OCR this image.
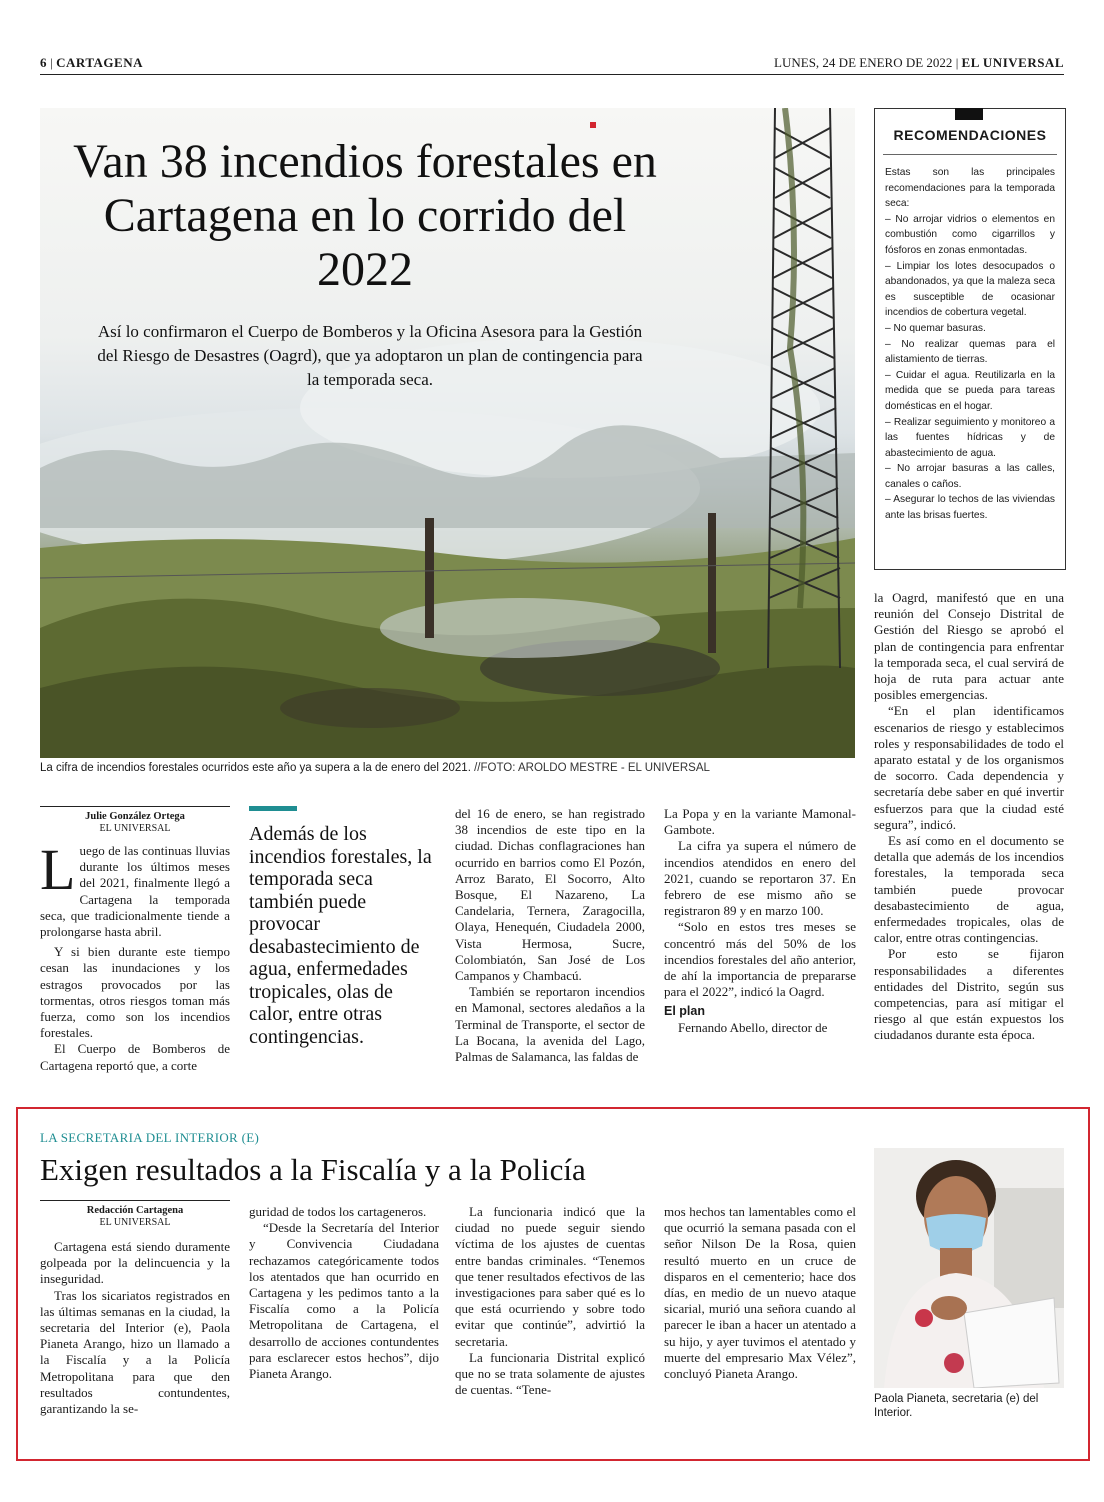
6 | CARTAGENA	LUNES, 24 DE ENERO DE 2022 | EL UNIVERSAL
Van 38 incendios forestales en Cartagena en lo corrido del 2022
Así lo confirmaron el Cuerpo de Bomberos y la Oficina Asesora para la Gestión del Riesgo de Desastres (Oagrd), que ya adoptaron un plan de contingencia para la temporada seca.
La cifra de incendios forestales ocurridos este año ya supera a la de enero del 2021. //FOTO: AROLDO MESTRE - EL UNIVERSAL
RECOMENDACIONES

Estas son las principales recomendaciones para la temporada seca:

– No arrojar vidrios o elementos en combustión como cigarrillos y fósforos en zonas enmontadas.

– Limpiar los lotes desocupados o abandonados, ya que la maleza seca es susceptible de ocasionar incendios de cobertura vegetal.

– No quemar basuras.

– No realizar quemas para el alistamiento de tierras.

– Cuidar el agua. Reutilizarla en la medida que se pueda para tareas domésticas en el hogar.

– Realizar seguimiento y monitoreo a las fuentes hídricas y de abastecimiento de agua.

– No arrojar basuras a las calles, canales o caños.

– Asegurar lo techos de las viviendas ante las brisas fuertes.

la Oagrd, manifestó que en una reunión del Consejo Distrital de Gestión del Riesgo se aprobó el plan de contingencia para enfrentar la temporada seca, el cual servirá de hoja de ruta para actuar ante posibles emergencias.

“En el plan identificamos escenarios de riesgo y establecimos roles y responsabilidades de todo el aparato estatal y de los organismos de socorro. Cada dependencia y secretaría debe saber en qué invertir esfuerzos para que la ciudad esté segura”, indicó.

Es así como en el documento se detalla que además de los incendios forestales, la temporada seca también puede provocar desabastecimiento de agua, enfermedades tropicales, olas de calor, entre otras contingencias.

Por esto se fijaron responsabilidades a diferentes entidades del Distrito, según sus competencias, para así mitigar el riesgo al que están expuestos los ciudadanos durante esta época.

Julie González Ortega
EL UNIVERSAL
L uego de las continuas lluvias durante los últimos meses del 2021, finalmente llegó a Cartagena la temporada seca, que tradicionalmente tiende a prolongarse hasta abril.

Y si bien durante este tiempo cesan las inundaciones y los estragos provocados por las tormentas, otros riesgos toman más fuerza, como son los incendios forestales.

El Cuerpo de Bomberos de Cartagena reportó que, a corte

Además de los incendios forestales, la temporada seca también puede provocar desabastecimiento de agua, enfermedades tropicales, olas de calor, entre otras contingencias.

del 16 de enero, se han registrado 38 incendios de este tipo en la ciudad. Dichas conflagraciones han ocurrido en barrios como El Pozón, Arroz Barato, El Socorro, Alto Bosque, El Nazareno, La Candelaria, Ternera, Zaragocilla, Olaya, Henequén, Ciudadela 2000, Vista Hermosa, Sucre, Colombiatón, San José de Los Campanos y Chambacú.

También se reportaron incendios en Mamonal, sectores aledaños a la Terminal de Transporte, el sector de La Bocana, la avenida del Lago, Palmas de Salamanca, las faldas de

La Popa y en la variante Mamonal-Gambote.

La cifra ya supera el número de incendios atendidos en enero del 2021, cuando se reportaron 37. En febrero de ese mismo año se registraron 89 y en marzo 100.

“Solo en estos tres meses se concentró más del 50% de los incendios forestales del año anterior, de ahí la importancia de prepararse para el 2022”, indicó la Oagrd.

El plan

Fernando Abello, director de

LA SECRETARIA DEL INTERIOR (E)
Exigen resultados a la Fiscalía y a la Policía
Redacción Cartagena
EL UNIVERSAL

Cartagena está siendo duramente golpeada por la delincuencia y la inseguridad.

Tras los sicariatos registrados en las últimas semanas en la ciudad, la secretaria del Interior (e), Paola Pianeta Arango, hizo un llamado a la Fiscalía y a la Policía Metropolitana para que den resultados contundentes, garantizando la se-

guridad de todos los cartageneros.

“Desde la Secretaría del Interior y Convivencia Ciudadana rechazamos categóricamente todos los atentados que han ocurrido en Cartagena y les pedimos tanto a la Fiscalía como a la Policía Metropolitana de Cartagena, el desarrollo de acciones contundentes para esclarecer estos hechos”, dijo Pianeta Arango.

La funcionaria indicó que la ciudad no puede seguir siendo víctima de los ajustes de cuentas entre bandas criminales. “Tenemos que tener resultados efectivos de las investigaciones para saber qué es lo que está ocurriendo y sobre todo evitar que continúe”, advirtió la secretaria.

La funcionaria Distrital explicó que no se trata solamente de ajustes de cuentas. “Tene-

mos hechos tan lamentables como el que ocurrió la semana pasada con el señor Nilson De la Rosa, quien resultó muerto en un cruce de disparos en el cementerio; hace dos días, en medio de un nuevo ataque sicarial, murió una señora cuando al parecer le iban a hacer un atentado a su hijo, y ayer tuvimos el atentado y muerte del empresario Max Vélez”, concluyó Pianeta Arango.

Paola Pianeta, secretaria (e) del Interior.
